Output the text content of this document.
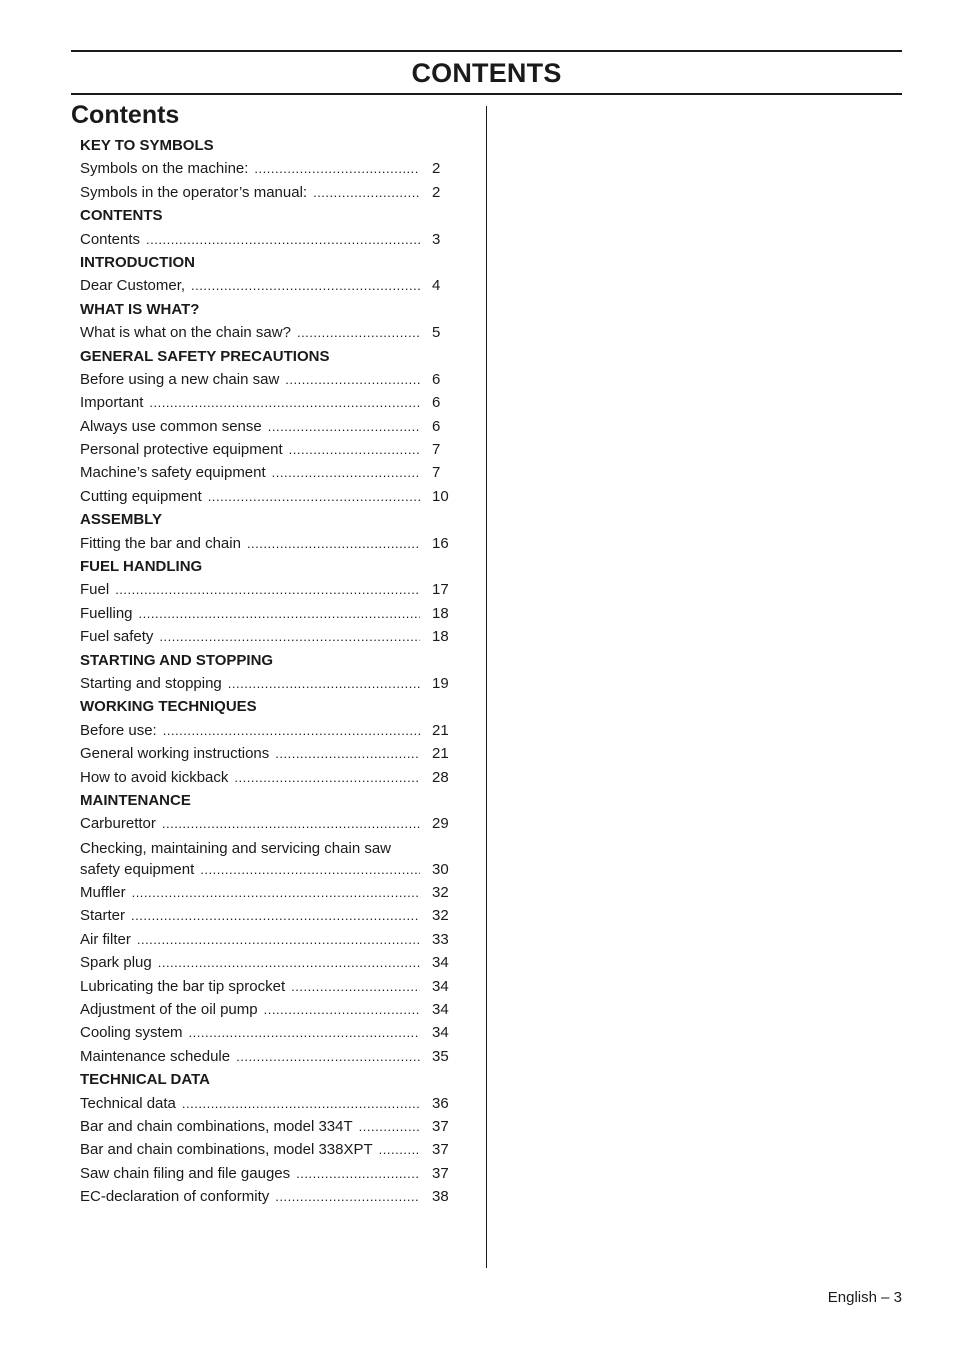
CONTENTS
Contents
KEY TO SYMBOLS
Symbols on the machine: .....	2
Symbols in the operator’s manual: .....	2
CONTENTS
Contents .....	3
INTRODUCTION
Dear Customer, .....	4
WHAT IS WHAT?
What is what on the chain saw? .....	5
GENERAL SAFETY PRECAUTIONS
Before using a new chain saw .....	6
Important .....	6
Always use common sense .....	6
Personal protective equipment .....	7
Machine’s safety equipment .....	7
Cutting equipment .....	10
ASSEMBLY
Fitting the bar and chain .....	16
FUEL HANDLING
Fuel .....	17
Fuelling .....	18
Fuel safety .....	18
STARTING AND STOPPING
Starting and stopping .....	19
WORKING TECHNIQUES
Before use: .....	21
General working instructions .....	21
How to avoid kickback .....	28
MAINTENANCE
Carburettor .....	29
Checking, maintaining and servicing chain saw
safety equipment .....	30
Muffler .....	32
Starter .....	32
Air filter .....	33
Spark plug .....	34
Lubricating the bar tip sprocket .....	34
Adjustment of the oil pump .....	34
Cooling system .....	34
Maintenance schedule .....	35
TECHNICAL DATA
Technical data .....	36
Bar and chain combinations, model 334T .....	37
Bar and chain combinations, model 338XPT .....	37
Saw chain filing and file gauges .....	37
EC-declaration of conformity .....	38
English – 3
